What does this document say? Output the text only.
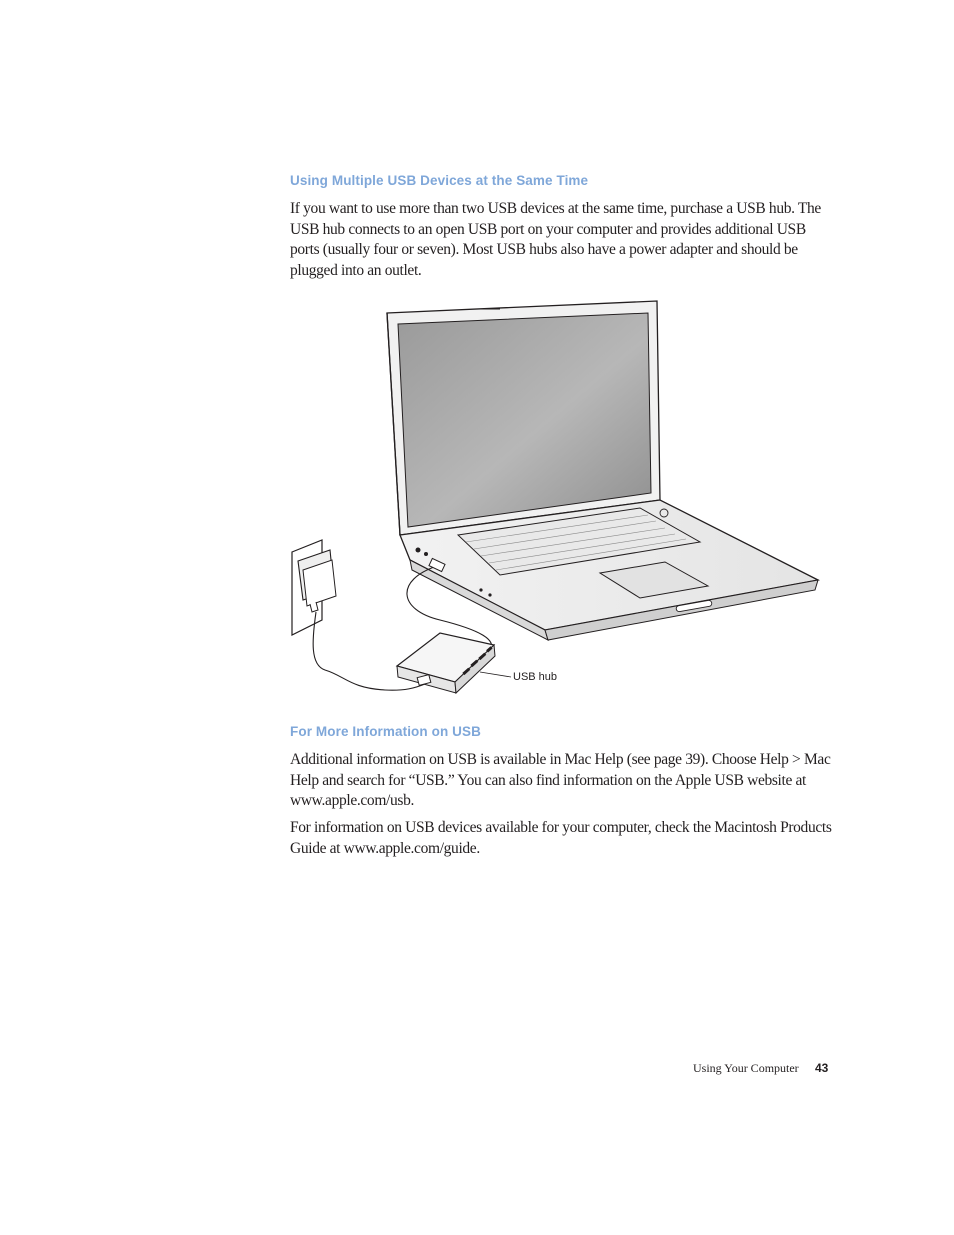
Using Multiple USB Devices at the Same Time
If you want to use more than two USB devices at the same time, purchase a USB hub. The USB hub connects to an open USB port on your computer and provides additional USB ports (usually four or seven). Most USB hubs also have a power adapter and should be plugged into an outlet.
USB hub
For More Information on USB
Additional information on USB is available in Mac Help (see page 39). Choose Help > Mac Help and search for “USB.” You can also find information on the Apple USB website at www.apple.com/usb.
For information on USB devices available for your computer, check the Macintosh Products Guide at www.apple.com/guide.
Using Your Computer 43
